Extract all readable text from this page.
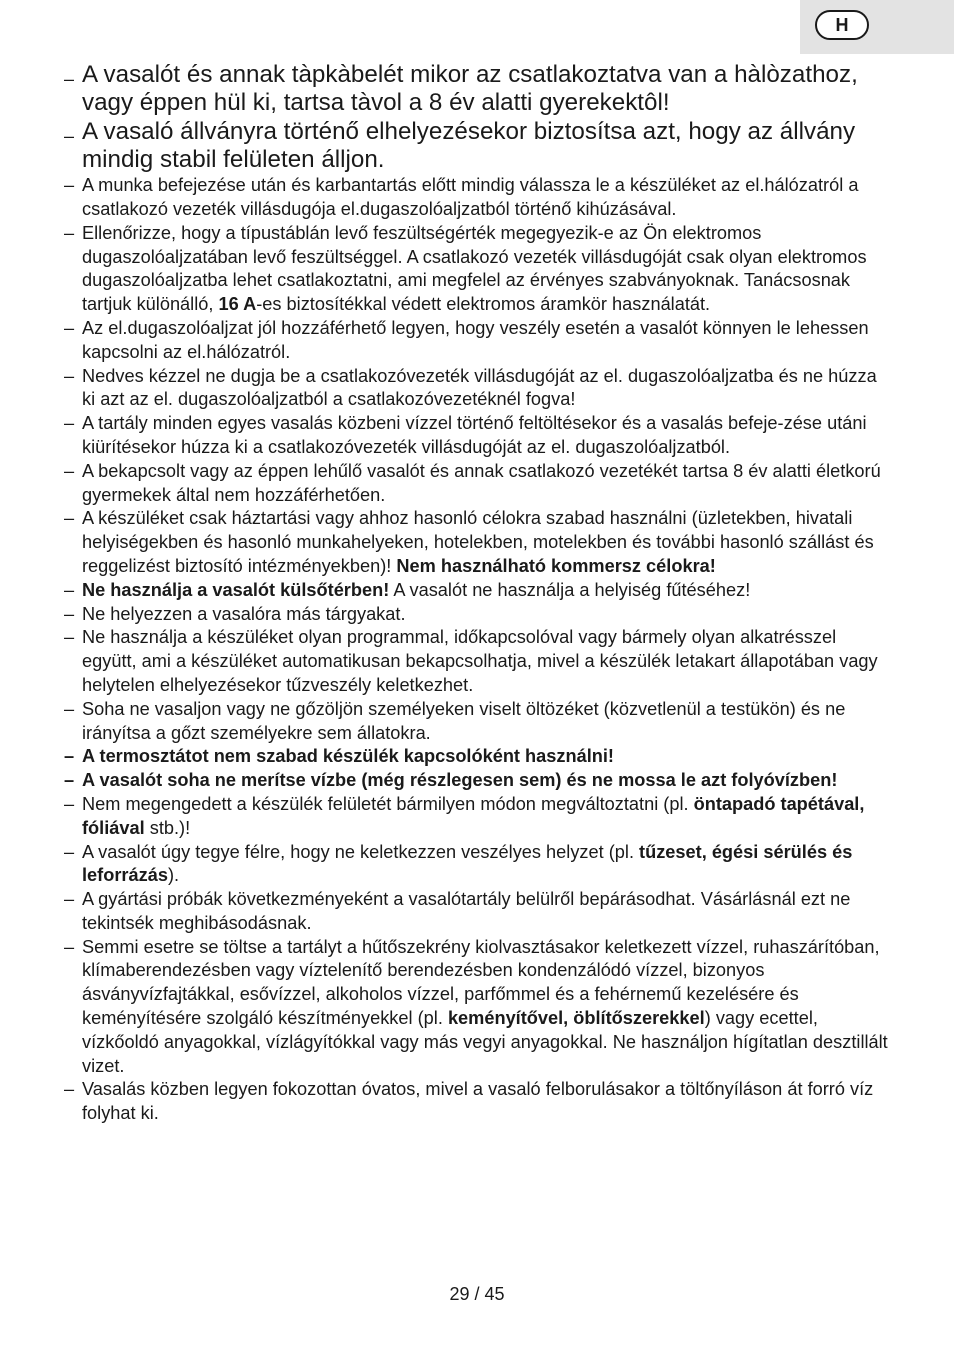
H
– A vasalót és annak tàpkàbelét mikor az csatlakoztatva van a hàlòzathoz, vagy éppen hül ki, tartsa tàvol a 8 év alatti gyerekektôl!
– A vasaló állványra történő elhelyezésekor biztosítsa azt, hogy az állvány mindig stabil felületen álljon.
– A munka befejezése után és karbantartás előtt mindig válassza le a készüléket az el.hálózatról a csatlakozó vezeték villásdugója el.dugaszolóaljzatból történő kihúzásával.
– Ellenőrizze, hogy a típustáblán levő feszültségérték megegyezik-e az Ön elektromos dugaszolóaljzatában levő feszültséggel. A csatlakozó vezeték villásdugóját csak olyan elektromos dugaszolóaljzatba lehet csatlakoztatni, ami megfelel az érvényes szabványoknak. Tanácsosnak tartjuk különálló, 16 A-es biztosítékkal védett elektromos áramkör használatát.
– Az el.dugaszolóaljzat jól hozzáférhető legyen, hogy veszély esetén a vasalót könnyen le lehessen kapcsolni az el.hálózatról.
– Nedves kézzel ne dugja be a csatlakozóvezeték villásdugóját az el. dugaszolóaljzatba és ne húzza ki azt az el. dugaszolóaljzatból a csatlakozóvezetéknél fogva!
– A tartály minden egyes vasalás közbeni vízzel történő feltöltésekor és a vasalás befeje-zése utáni kiürítésekor húzza ki a csatlakozóvezeték villásdugóját az el. dugaszolóaljzatból.
– A bekapcsolt vagy az éppen lehűlő vasalót és annak csatlakozó vezetékét tartsa 8 év alatti életkorú gyermekek által nem hozzáférhetően.
– A készüléket csak háztartási vagy ahhoz hasonló célokra szabad használni (üzletekben, hivatali helyiségekben és hasonló munkahelyeken, hotelekben, motelekben és további hasonló szállást és reggelizést biztosító intézményekben)! Nem használható kommersz célokra!
– Ne használja a vasalót külsőtérben! A vasalót ne használja a helyiség fűtéséhez!
– Ne helyezzen a vasalóra más tárgyakat.
– Ne használja a készüléket olyan programmal, időkapcsolóval vagy bármely olyan alkatrésszel együtt, ami a készüléket automatikusan bekapcsolhatja, mivel a készülék letakart állapotában vagy helytelen elhelyezésekor tűzveszély keletkezhet.
– Soha ne vasaljon vagy ne gőzöljön személyeken viselt öltözéket (közvetlenül a testükön) és ne irányítsa a gőzt személyekre sem állatokra.
– A termosztátot nem szabad készülék kapcsolóként használni!
– A vasalót soha ne merítse vízbe (még részlegesen sem) és ne mossa le azt folyóvízben!
– Nem megengedett a készülék felületét bármilyen módon megváltoztatni (pl. öntapadó tapétával, fóliával stb.)!
– A vasalót úgy tegye félre, hogy ne keletkezzen veszélyes helyzet (pl. tűzeset, égési sérülés és leforrázás).
– A gyártási próbák következményeként a vasalótartály belülről bepárásodhat. Vásárlásnál ezt ne tekintsék meghibásodásnak.
– Semmi esetre se töltse a tartályt a hűtőszekrény kiolvasztásakor keletkezett vízzel, ruhaszárítóban, klímaberendezésben vagy víztelenítő berendezésben kondenzálódó vízzel, bizonyos ásványvízfajtákkal, esővízzel, alkoholos vízzel, parfőmmel és a fehérnemű kezelésére és keményítésére szolgáló készítményekkel (pl. keményítővel, öblítőszerekkel) vagy ecettel, vízkőoldó anyagokkal, vízlágyítókkal vagy más vegyi anyagokkal. Ne használjon hígítatlan desztillált vizet.
– Vasalás közben legyen fokozottan óvatos, mivel a vasaló felborulásakor a töltőnyíláson át forró víz folyhat ki.
29 / 45
